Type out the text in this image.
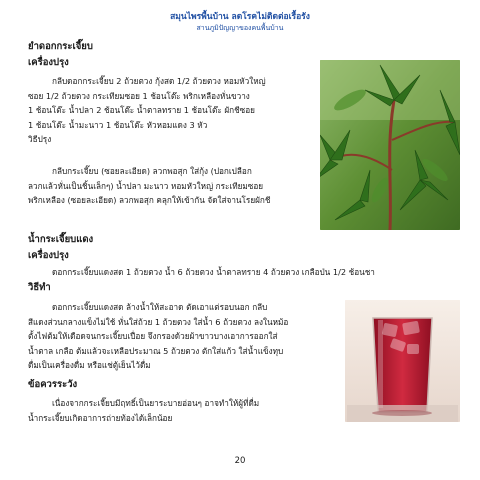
สมุนไพรพื้นบ้าน ลดโรคไม่ติดต่อเรื้อรัง
สานภูมิปัญญาของคนพื้นบ้าน
ยำดอกกระเจี๊ยบ
เครื่องปรุง
กลีบดอกกระเจี๊ยบ 2 ถ้วยตวง กุ้งสด 1/2 ถ้วยตวง หอมหัวใหญ่
ซอย 1/2 ถ้วยตวง กระเทียมซอย 1 ช้อนโต๊ะ พริกเหลืองหั่นขวาง
1 ช้อนโต๊ะ น้ำปลา 2 ช้อนโต๊ะ น้ำตาลทราย 1 ช้อนโต๊ะ ผักชีซอย
1 ช้อนโต๊ะ น้ำมะนาว 1 ช้อนโต๊ะ หัวหอมแดง 3 หัว
วิธีปรุง
กลีบกระเจี๊ยบ (ซอยละเอียด) ลวกพอสุก ใส่กุ้ง (ปอกเปลือก
ลวกแล้วหั่นเป็นชิ้นเล็กๆ) น้ำปลา มะนาว หอมหัวใหญ่ กระเทียมซอย
พริกเหลือง (ซอยละเอียด) ลวกพอสุก คลุกให้เข้ากัน จัดใส่จานโรยผักชี
น้ำกระเจี๊ยบแดง
เครื่องปรุง
ดอกกระเจี๊ยบแดงสด 1 ถ้วยตวง น้ำ 6 ถ้วยตวง น้ำตาลทราย 4 ถ้วยตวง เกลือป่น 1/2 ช้อนชา
วิธีทำ
ดอกกระเจี๊ยบแดงสด ล้างน้ำให้สะอาด ตัดเอาแต่รอบนอก กลีบ
สีแดงส่วนกลางแข็งไม่ใช้ หั่นใส่ถ้วย 1 ถ้วยตวง ใส่น้ำ 6 ถ้วยตวง ลงในหม้อ
ตั้งไฟต้มให้เดือดจนกระเจี๊ยบเปื่อย จึงกรองด้วยผ้าขาวบางเอาการออกใส่
น้ำตาล เกลือ ต้มแล้วจะเหลือประมาณ 5 ถ้วยตวง ตักใส่แก้ว ใส่น้ำแข็งทุบ
ดื่มเป็นเครื่องดื่ม หรือแช่ตู้เย็นไว้ดื่ม
ข้อควรระวัง
เนื่องจากกระเจี๊ยบมีฤทธิ์เป็นยาระบายอ่อนๆ อาจทำให้ผู้ที่ดื่ม
น้ำกระเจี๊ยบเกิดอาการถ่ายท้องได้เล็กน้อย
20
